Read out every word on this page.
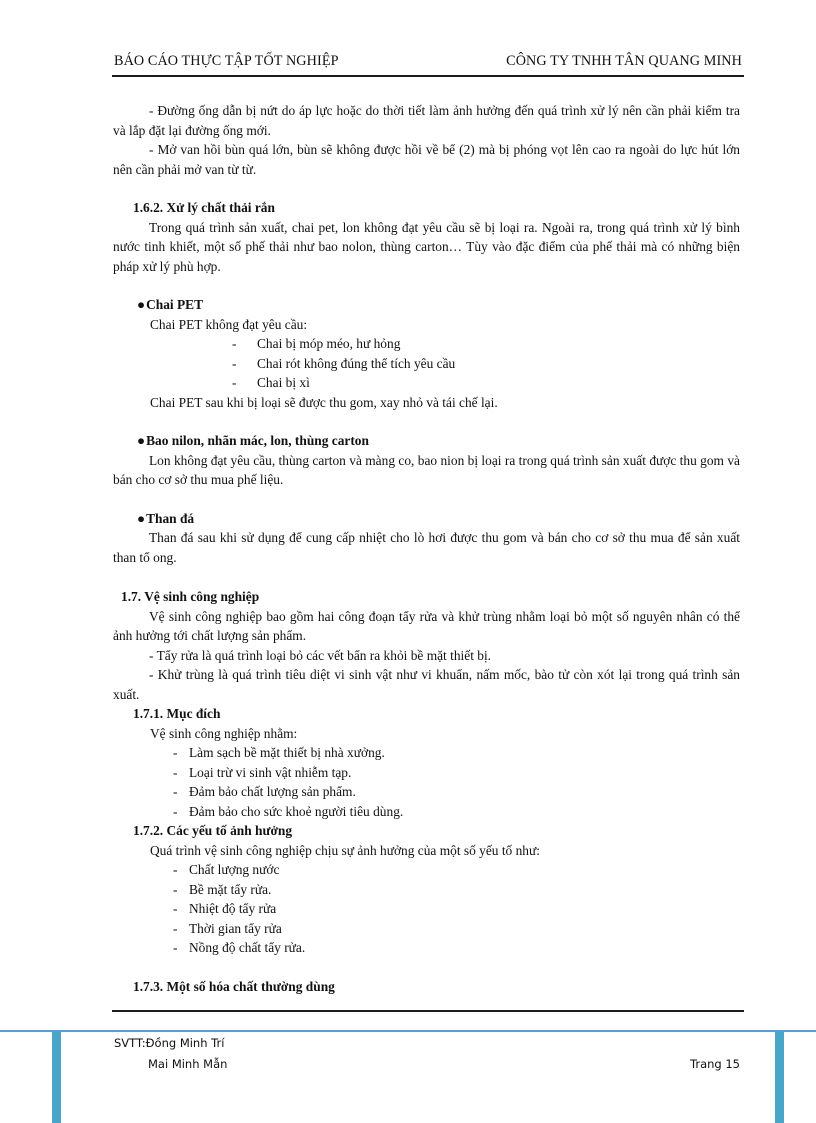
BÁO CÁO THỰC TẬP TỐT NGHIỆP	CÔNG TY TNHH TÂN QUANG MINH

- Đường ống dẫn bị nứt do áp lực hoặc do thời tiết làm ảnh hưởng đến quá trình xử lý nên cần phải kiểm tra và lắp đặt lại đường ống mới.

- Mở van hồi bùn quá lớn, bùn sẽ không được hồi về bể (2) mà bị phóng vọt lên cao ra ngoài do lực hút lớn nên cần phải mở van từ từ.

1.6.2. Xử lý chất thải rắn

Trong quá trình sản xuất, chai pet, lon không đạt yêu cầu sẽ bị loại ra. Ngoài ra, trong quá trình xử lý bình nước tinh khiết, một số phế thải như bao nolon, thùng carton… Tùy vào đặc điểm của phế thải mà có những biện pháp xử lý phù hợp.

●Chai PET

Chai PET không đạt yêu cầu:

- Chai bị móp méo, hư hỏng
- Chai rót không đúng thể tích yêu cầu
- Chai bị xì

Chai PET sau khi bị loại sẽ được thu gom, xay nhỏ và tái chế lại.

●Bao nilon, nhãn mác, lon, thùng carton

Lon không đạt yêu cầu, thùng carton và màng co, bao nion bị loại ra trong quá trình sản xuất được thu gom và bán cho cơ sở thu mua phế liệu.

●Than đá

Than đá sau khi sử dụng để cung cấp nhiệt cho lò hơi được thu gom và bán cho cơ sở thu mua để sản xuất than tổ ong.

1.7. Vệ sinh công nghiệp

Vệ sinh công nghiệp bao gồm hai công đoạn tẩy rửa và khử trùng nhằm loại bỏ một số nguyên nhân có thể ảnh hưởng tới chất lượng sản phẩm.

- Tẩy rửa là quá trình loại bỏ các vết bẩn ra khỏi bề mặt thiết bị.

- Khử trùng là quá trình tiêu diệt vi sinh vật như vi khuẩn, nấm mốc, bào tử còn xót lại trong quá trình sản xuất.

1.7.1. Mục đích

Vệ sinh công nghiệp nhằm:

- Làm sạch bề mặt thiết bị nhà xưởng.
- Loại trừ vi sinh vật nhiễm tạp.
- Đảm bảo chất lượng sản phẩm.
- Đảm bảo cho sức khoẻ người tiêu dùng.

1.7.2. Các yếu tố ảnh hưởng

Quá trình vệ sinh công nghiệp chịu sự ảnh hưởng của một số yếu tố như:

- Chất lượng nước
- Bề mặt tẩy rửa.
- Nhiệt độ tẩy rửa
- Thời gian tẩy rửa
- Nồng độ chất tẩy rửa.

1.7.3. Một số hóa chất thường dùng

SVTT:Đồng Minh Trí
Mai Minh Mẫn	Trang 15
